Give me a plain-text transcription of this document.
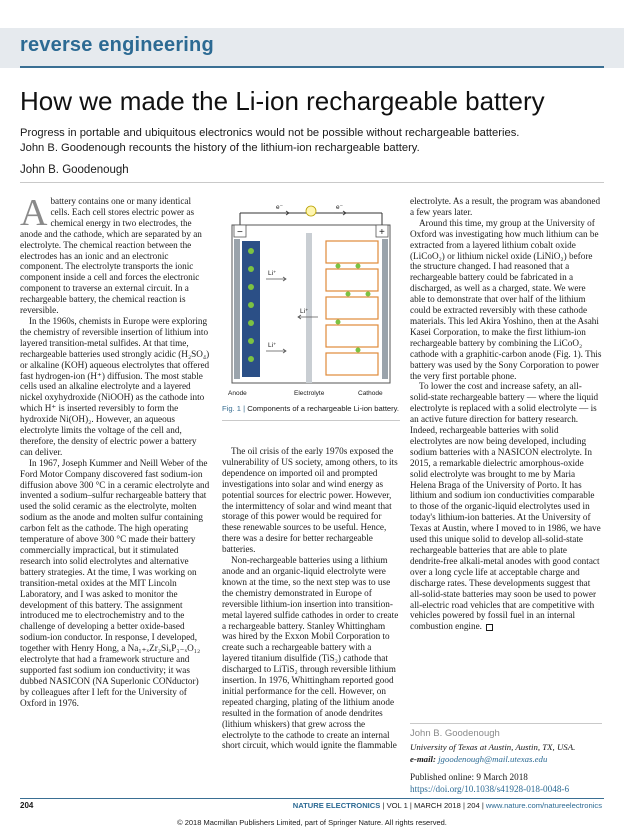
reverse engineering
How we made the Li-ion rechargeable battery
Progress in portable and ubiquitous electronics would not be possible without rechargeable batteries.
John B. Goodenough recounts the history of the lithium-ion rechargeable battery.
John B. Goodenough
A battery contains one or many identical cells. Each cell stores electric power as chemical energy in two electrodes, the anode and the cathode, which are separated by an electrolyte. The chemical reaction between the electrodes has an ionic and an electronic component. The electrolyte transports the ionic component inside a cell and forces the electronic component to traverse an external circuit. In a rechargeable battery, the chemical reaction is reversible.

In the 1960s, chemists in Europe were exploring the chemistry of reversible insertion of lithium into layered transition-metal sulfides. At that time, rechargeable batteries used strongly acidic (H₂SO₄) or alkaline (KOH) aqueous electrolytes that offered fast hydrogen-ion (H⁺) diffusion. The most stable cells used an alkaline electrolyte and a layered nickel oxyhydroxide (NiOOH) as the cathode into which H⁺ is inserted reversibly to form the hydroxide Ni(OH)₂. However, an aqueous electrolyte limits the voltage of the cell and, therefore, the density of electric power a battery can deliver.

In 1967, Joseph Kummer and Neill Weber of the Ford Motor Company discovered fast sodium-ion diffusion above 300 °C in a ceramic electrolyte and invented a sodium–sulfur rechargeable battery that used the solid ceramic as the electrolyte, molten sodium as the anode and molten sulfur containing carbon felt as the cathode. The high operating temperature of above 300 °C made their battery commercially impractical, but it stimulated research into solid electrolytes and alternative battery strategies. At the time, I was working on transition-metal oxides at the MIT Lincoln Laboratory, and I was asked to monitor the development of this battery. The assignment introduced me to electrochemistry and to the challenge of developing a better oxide-based sodium-ion conductor. In response, I developed, together with Henry Hong, a Na₁₊ₓZr₂SiₓP₃₋ₓO₁₂ electrolyte that had a framework structure and supported fast sodium ion conductivity; it was dubbed NASICON (NA Superlonic CONductor) by colleagues after I left for the University of Oxford in 1976.

e⁻	e⁻
−	+
Li⁺
Li⁺
Li⁺
Anode	Electrolyte	Cathode
Fig. 1 | Components of a rechargeable Li-ion battery.

The oil crisis of the early 1970s exposed the vulnerability of US society, among others, to its dependence on imported oil and prompted investigations into solar and wind energy as potential sources for electric power. However, the intermittency of solar and wind meant that storage of this power would be required for these renewable sources to be useful. Hence, there was a desire for better rechargeable batteries.

Non-rechargeable batteries using a lithium anode and an organic-liquid electrolyte were known at the time, so the next step was to use the chemistry demonstrated in Europe of reversible lithium-ion insertion into transition-metal layered sulfide cathodes in order to create a rechargeable battery. Stanley Whittingham was hired by the Exxon Mobil Corporation to create such a rechargeable battery with a layered titanium disulfide (TiS₂) cathode that discharged to LiTiS₂ through reversible lithium insertion. In 1976, Whittingham reported good initial performance for the cell. However, on repeated charging, plating of the lithium anode resulted in the formation of anode dendrites (lithium whiskers) that grew across the electrolyte to the cathode to create an internal short circuit, which would ignite the flammable

electrolyte. As a result, the program was abandoned a few years later.

Around this time, my group at the University of Oxford was investigating how much lithium can be extracted from a layered lithium cobalt oxide (LiCoO₂) or lithium nickel oxide (LiNiO₂) before the structure changed. I had reasoned that a rechargeable battery could be fabricated in a discharged, as well as a charged, state. We were able to demonstrate that over half of the lithium could be extracted reversibly with these cathode materials. This led Akira Yoshino, then at the Asahi Kasei Corporation, to make the first lithium-ion rechargeable battery by combining the LiCoO₂ cathode with a graphitic-carbon anode (Fig. 1). This battery was used by the Sony Corporation to power the very first portable phone.

To lower the cost and increase safety, an all-solid-state rechargeable battery — where the liquid electrolyte is replaced with a solid electrolyte — is an active future direction for battery research. Indeed, rechargeable batteries with solid electrolytes are now being developed, including sodium batteries with a NASICON electrolyte. In 2015, a remarkable dielectric amorphous-oxide solid electrolyte was brought to me by Maria Helena Braga of the University of Porto. It has lithium and sodium ion conductivities comparable to those of the organic-liquid electrolytes used in today's lithium-ion batteries. At the University of Texas at Austin, where I moved to in 1986, we have used this unique solid to develop all-solid-state rechargeable batteries that are able to plate dendrite-free alkali-metal anodes with good contact over a long cycle life at acceptable charge and discharge rates. These developments suggest that all-solid-state batteries may soon be used to power all-electric road vehicles that are competitive with vehicles powered by fossil fuel in an internal combustion engine.

John B. Goodenough
University of Texas at Austin, Austin, TX, USA.
e-mail: jgoodenough@mail.utexas.edu
Published online: 9 March 2018
https://doi.org/10.1038/s41928-018-0048-6
204	NATURE ELECTRONICS | VOL 1 | MARCH 2018 | 204 | www.nature.com/natureelectronics
© 2018 Macmillan Publishers Limited, part of Springer Nature. All rights reserved.
